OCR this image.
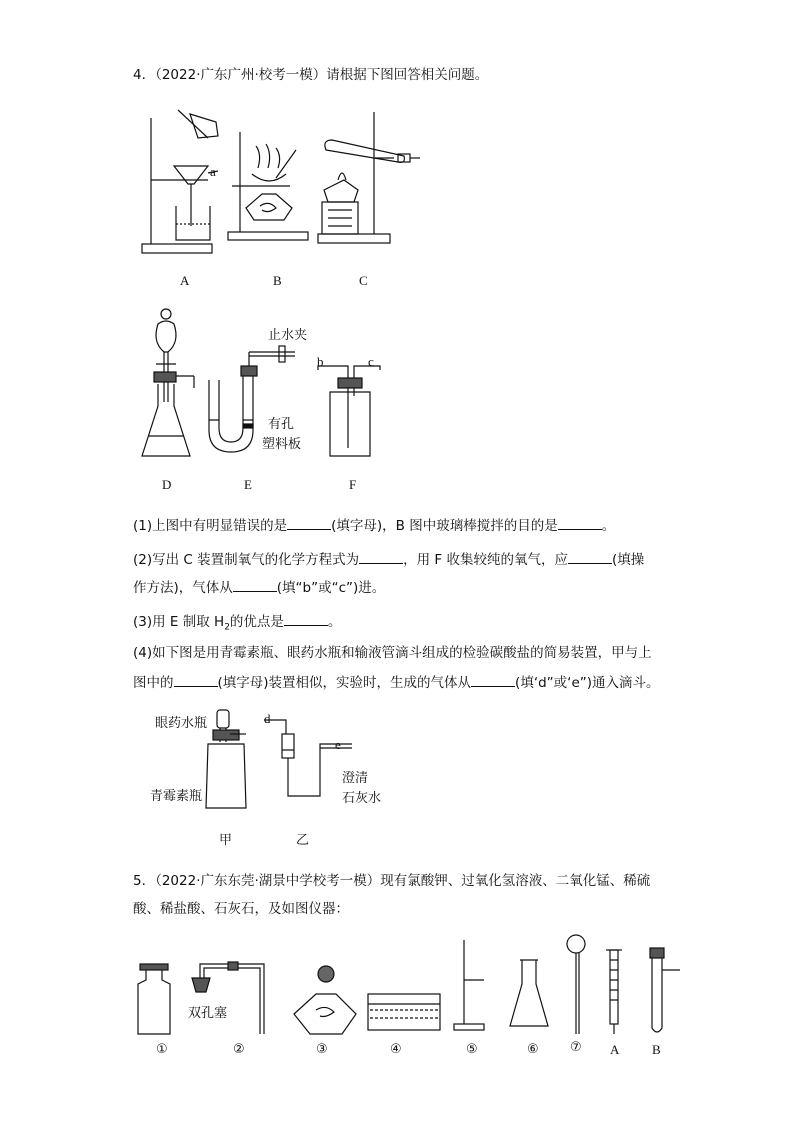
4．（2022·广东广州·校考一模）请根据下图回答相关问题。
a
A	B	C
止水夹
有孔
塑料板
b	c
D	E	F
(1)上图中有明显错误的是	(填字母)，B 图中玻璃棒搅拌的目的是	。
(2)写出 C 装置制氧气的化学方程式为	，用 F 收集较纯的氧气，应	(填操
作方法)，气体从	(填“b”或“c”)进。
(3)用 E 制取 $H_2$的优点是	。
(4)如下图是用青霉素瓶、眼药水瓶和输液管滴斗组成的检验碳酸盐的简易装置，甲与上
图中的	(填字母)装置相似，实验时，生成的气体从	(填‘d”或‘e”)通入滴斗。
眼药水瓶
青霉素瓶
d
e
澄清
石灰水
甲	乙
5．（2022·广东东莞·湖景中学校考一模）现有氯酸钾、过氧化氢溶液、二氧化锰、稀硫
酸、稀盐酸、石灰石，及如图仪器：
双孔塞
①	②	③	④	⑤	⑥ ⑦ A	B
